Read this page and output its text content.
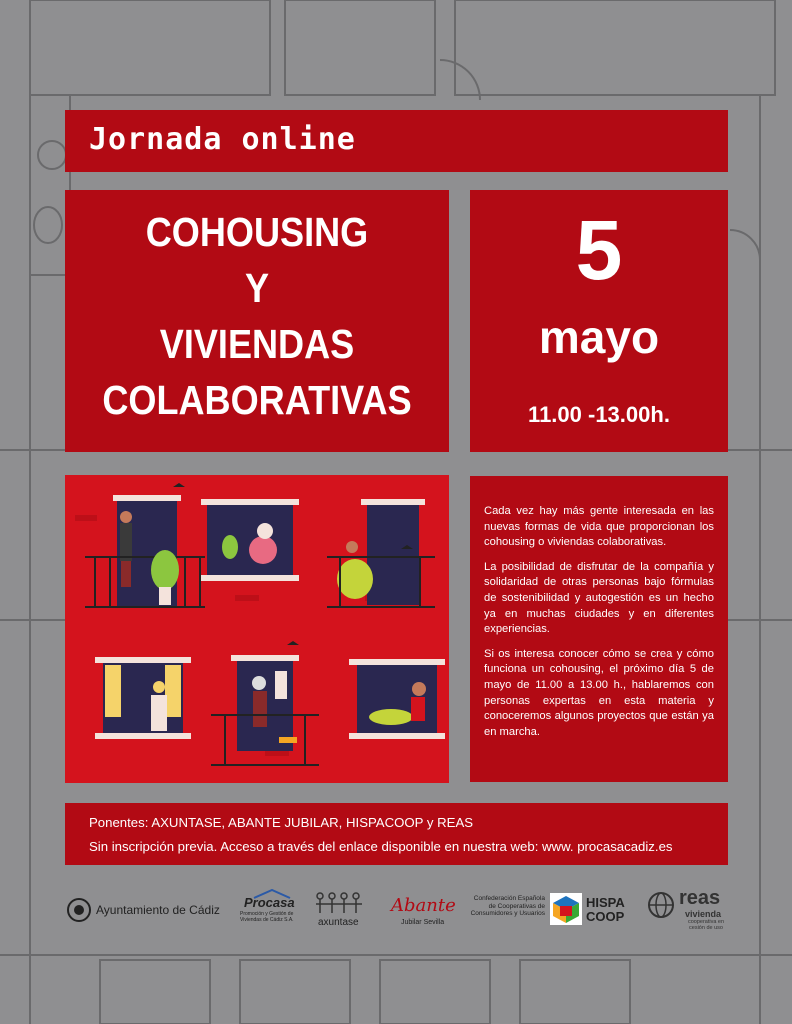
Jornada online
COHOUSING
Y
VIVIENDAS
COLABORATIVAS
5
mayo
11.00 -13.00h.

Cada vez hay más gente interesada en las nuevas formas de vida que proporcionan los cohousing o viviendas colaborativas.

La posibilidad de disfrutar de la compañía y solidaridad de otras personas bajo fórmulas de sostenibilidad y autogestión es un hecho ya en muchas ciudades y en diferentes experiencias.

Si os interesa conocer cómo se crea y cómo funciona un cohousing, el próximo día 5 de mayo de 11.00 a 13.00 h., hablaremos con personas expertas en esta materia y conoceremos algunos proyectos que están ya en marcha.

Ponentes: AXUNTASE, ABANTE JUBILAR, HISPACOOP y REAS
Sin inscripción previa. Acceso a través del enlace disponible en nuestra web: www. procasacadiz.es
Ayuntamiento de Cádiz Procasa
Promoción y Gestión de Viviendas de Cádiz S.A.	axuntase
Abante
Jubilar Sevilla
Confederación Española de Cooperativas de Consumidores y Usuarios
HISPA
COOP
reas
vivienda
cooperativa en cesión de uso
